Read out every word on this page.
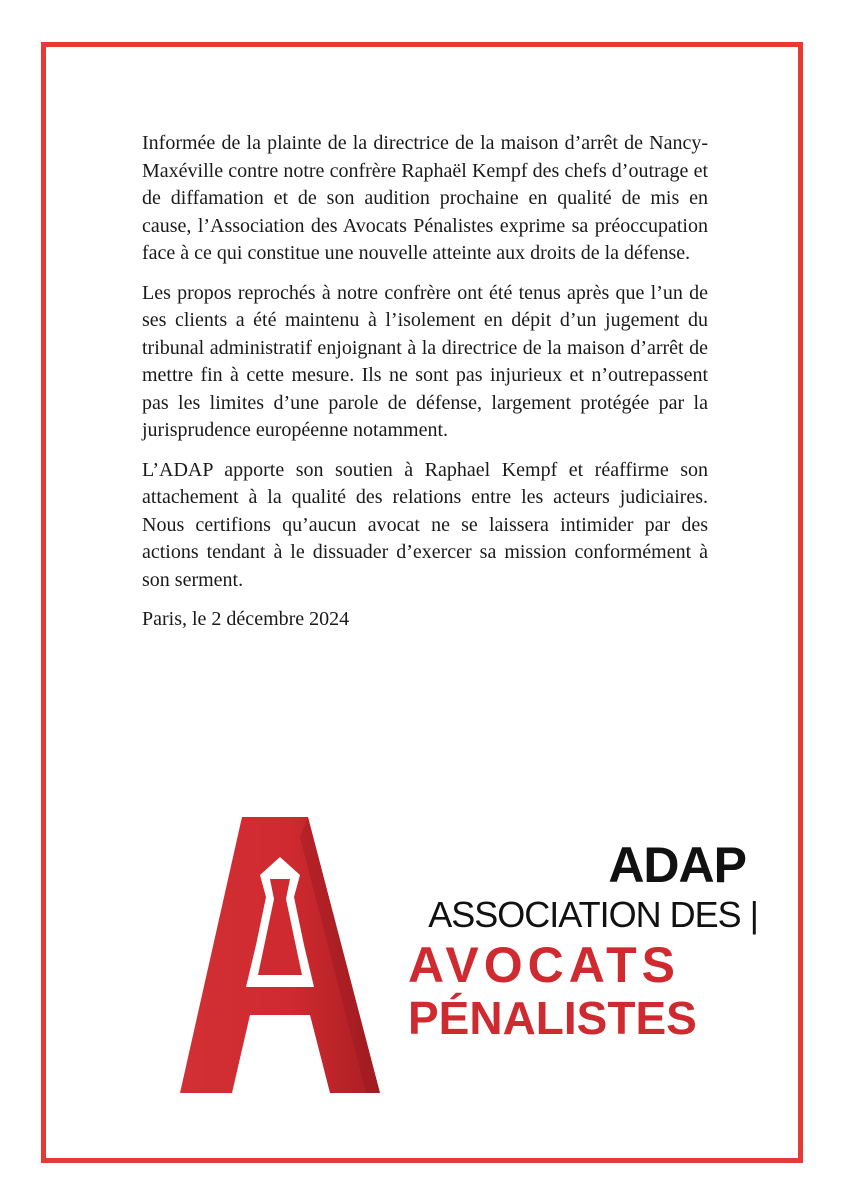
Informée de la plainte de la directrice de la maison d’arrêt de Nancy-Maxéville contre notre confrère Raphaël Kempf des chefs d’outrage et de diffamation et de son audition prochaine en qualité de mis en cause, l’Association des Avocats Pénalistes exprime sa préoccupation face à ce qui constitue une nouvelle atteinte aux droits de la défense.

Les propos reprochés à notre confrère ont été tenus après que l’un de ses clients a été maintenu à l’isolement en dépit d’un jugement du tribunal administratif enjoignant à la directrice de la maison d’arrêt de mettre fin à cette mesure. Ils ne sont pas injurieux et n’outrepassent pas les limites d’une parole de défense, largement protégée par la jurisprudence européenne notamment.

L’ADAP apporte son soutien à Raphael Kempf et réaffirme son attachement à la qualité des relations entre les acteurs judiciaires. Nous certifions qu’aucun avocat ne se laissera intimider par des actions tendant à le dissuader d’exercer sa mission conformément à son serment.

Paris, le 2 décembre 2024

ADAP
ASSOCIATION DES |
AVOCATS
PÉNALISTES
